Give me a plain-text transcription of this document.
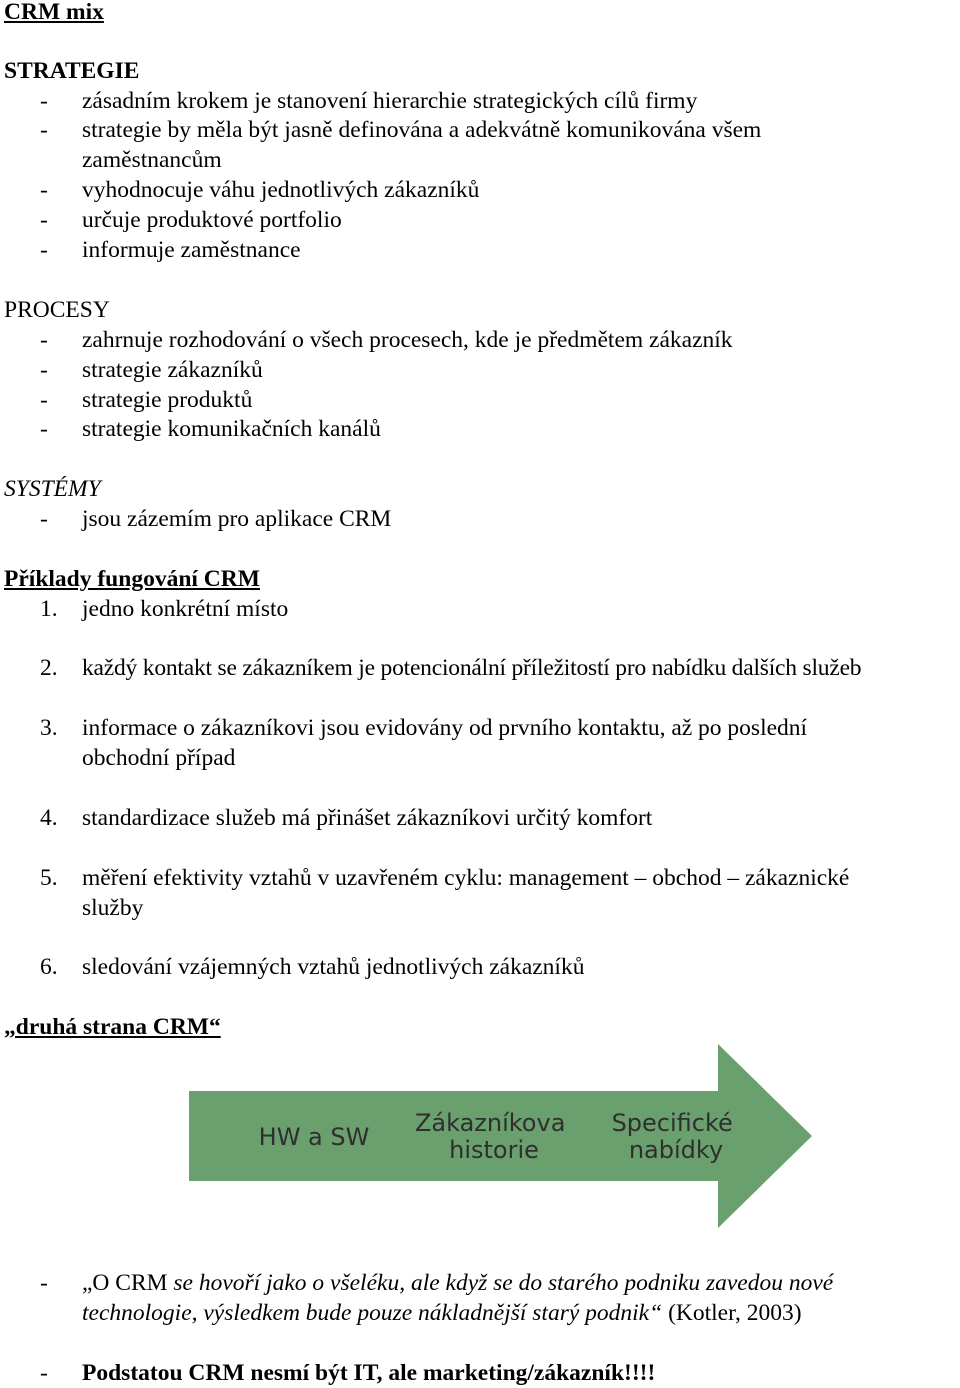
CRM mix
STRATEGIE
- zásadním krokem je stanovení hierarchie strategických cílů firmy
- strategie by měla být jasně definována a adekvátně komunikována všem
zaměstnancům
- vyhodnocuje váhu jednotlivých zákazníků
- určuje produktové portfolio
- informuje zaměstnance
PROCESY
- zahrnuje rozhodování o všech procesech, kde je předmětem zákazník
- strategie zákazníků
- strategie produktů
- strategie komunikačních kanálů
SYSTÉMY
- jsou zázemím pro aplikace CRM
Příklady fungování CRM
1. jedno konkrétní místo
2. každý kontakt se zákazníkem je potencionální příležitostí pro nabídku dalších služeb
3. informace o zákazníkovi jsou evidovány od prvního kontaktu, až po poslední
obchodní případ
4. standardizace služeb má přinášet zákazníkovi určitý komfort
5. měření efektivity vztahů v uzavřeném cyklu: management – obchod – zákaznické
služby
6. sledování vzájemných vztahů jednotlivých zákazníků
„druhá strana CRM“
HW a SW Zákazníkova historie
Specifické nabídky
- „O CRM se hovoří jako o všeléku, ale když se do starého podniku zavedou nové
technologie, výsledkem bude pouze nákladnější starý podnik“ (Kotler, 2003)
- Podstatou CRM nesmí být IT, ale marketing/zákazník!!!!
